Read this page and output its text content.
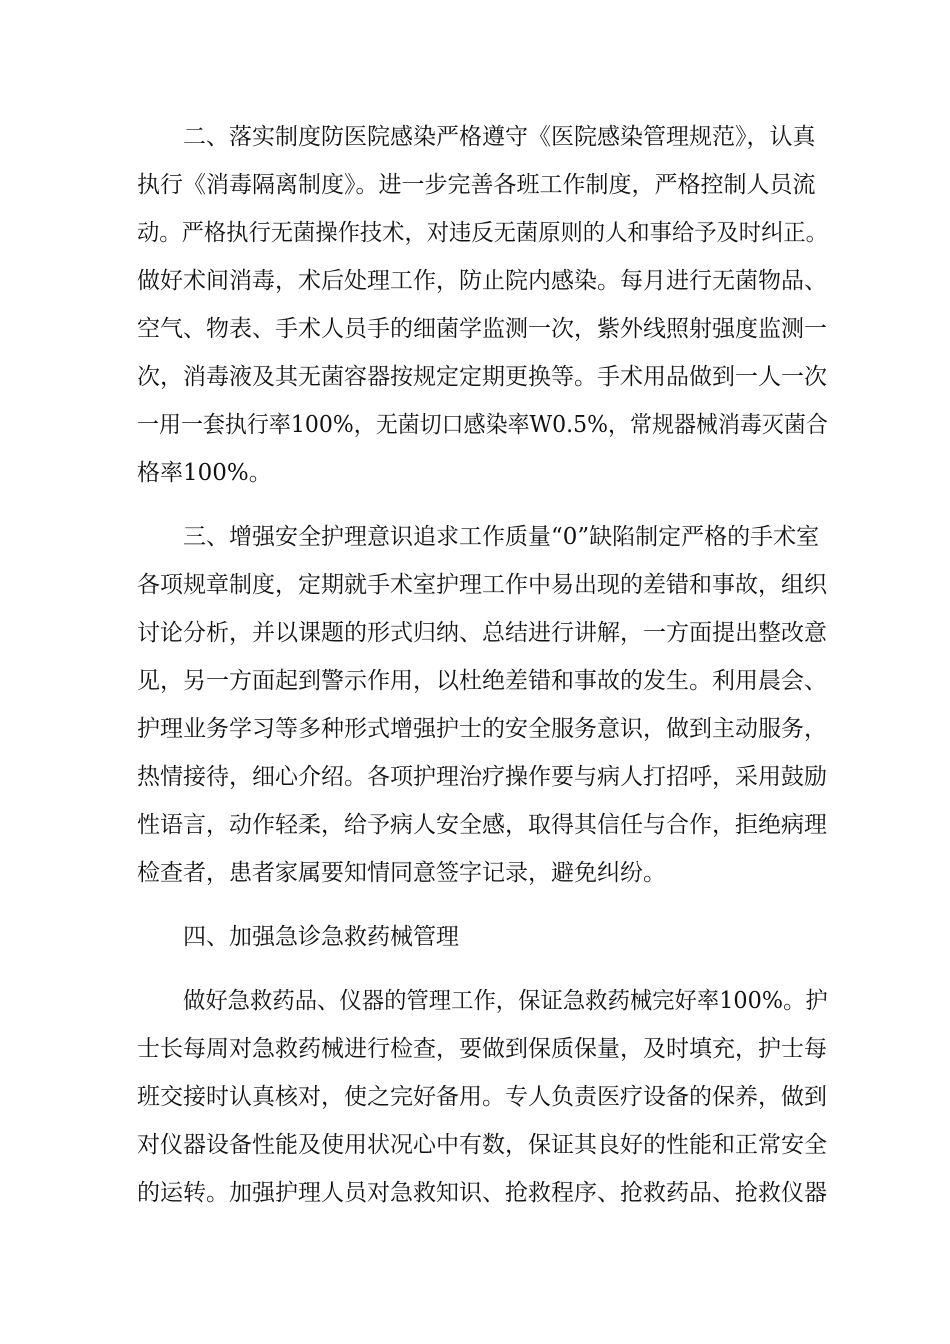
二、落实制度防医院感染严格遵守《医院感染管理规范》，认真
执行《消毒隔离制度》。进一步完善各班工作制度，严格控制人员流
动。严格执行无菌操作技术，对违反无菌原则的人和事给予及时纠正。
做好术间消毒，术后处理工作，防止院内感染。每月进行无菌物品、
空气、物表、手术人员手的细菌学监测一次，紫外线照射强度监测一
次，消毒液及其无菌容器按规定定期更换等。手术用品做到一人一次
一用一套执行率100%，无菌切口感染率W0.5%，常规器械消毒灭菌合
格率100%。
三、增强安全护理意识追求工作质量“0”缺陷制定严格的手术室
各项规章制度，定期就手术室护理工作中易出现的差错和事故，组织
讨论分析，并以课题的形式归纳、总结进行讲解，一方面提出整改意
见，另一方面起到警示作用，以杜绝差错和事故的发生。利用晨会、
护理业务学习等多种形式增强护士的安全服务意识，做到主动服务，
热情接待，细心介绍。各项护理治疗操作要与病人打招呼，采用鼓励
性语言，动作轻柔，给予病人安全感，取得其信任与合作，拒绝病理
检查者，患者家属要知情同意签字记录，避免纠纷。
四、加强急诊急救药械管理
做好急救药品、仪器的管理工作，保证急救药械完好率100%。护
士长每周对急救药械进行检查，要做到保质保量，及时填充，护士每
班交接时认真核对，使之完好备用。专人负责医疗设备的保养，做到
对仪器设备性能及使用状况心中有数，保证其良好的性能和正常安全
的运转。加强护理人员对急救知识、抢救程序、抢救药品、抢救仪器
